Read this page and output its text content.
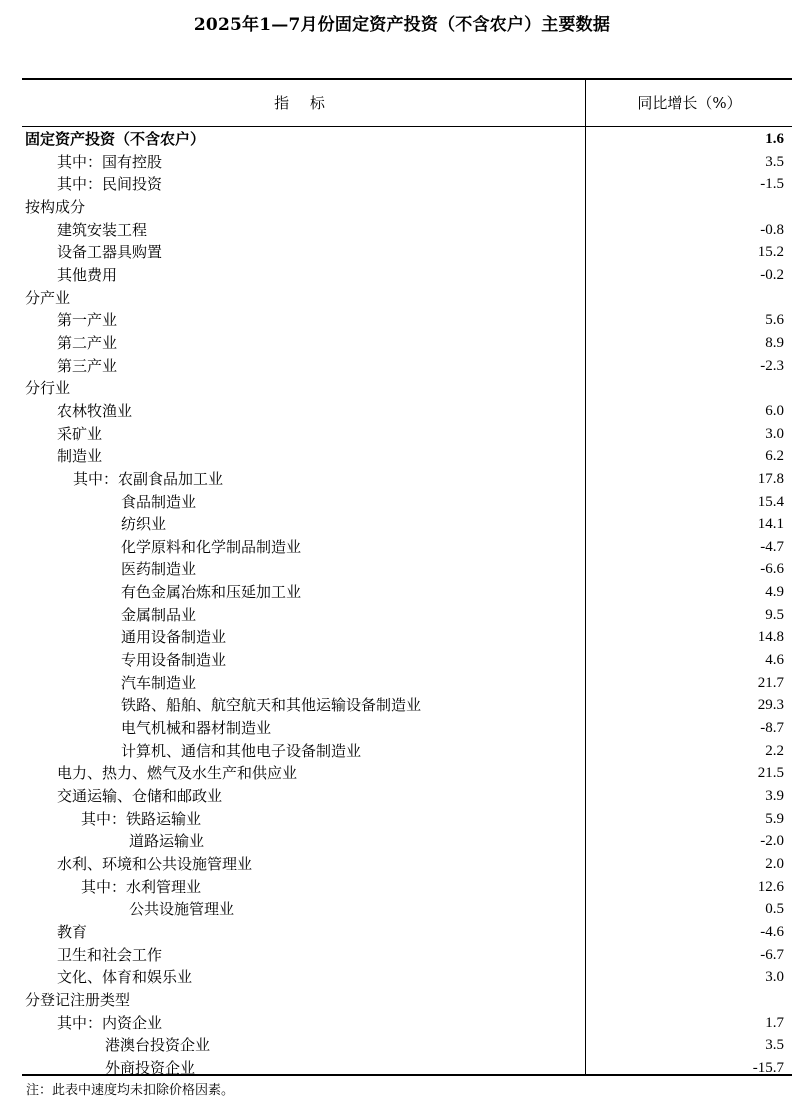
2025年1—7月份固定资产投资（不含农户）主要数据
指 标	同比增长（%）
固定资产投资（不含农户）	1.6
其中：国有控股	3.5
其中：民间投资	-1.5
按构成分
建筑安装工程	-0.8
设备工器具购置	15.2
其他费用	-0.2
分产业
第一产业	5.6
第二产业	8.9
第三产业	-2.3
分行业
农林牧渔业	6.0
采矿业	3.0
制造业	6.2
其中：农副食品加工业	17.8
食品制造业	15.4
纺织业	14.1
化学原料和化学制品制造业	-4.7
医药制造业	-6.6
有色金属冶炼和压延加工业	4.9
金属制品业	9.5
通用设备制造业	14.8
专用设备制造业	4.6
汽车制造业	21.7
铁路、船舶、航空航天和其他运输设备制造业	29.3
电气机械和器材制造业	-8.7
计算机、通信和其他电子设备制造业	2.2
电力、热力、燃气及水生产和供应业	21.5
交通运输、仓储和邮政业	3.9
其中：铁路运输业	5.9
道路运输业	-2.0
水利、环境和公共设施管理业	2.0
其中：水利管理业	12.6
公共设施管理业	0.5
教育	-4.6
卫生和社会工作	-6.7
文化、体育和娱乐业	3.0
分登记注册类型
其中：内资企业	1.7
港澳台投资企业	3.5
外商投资企业	-15.7
注：此表中速度均未扣除价格因素。
